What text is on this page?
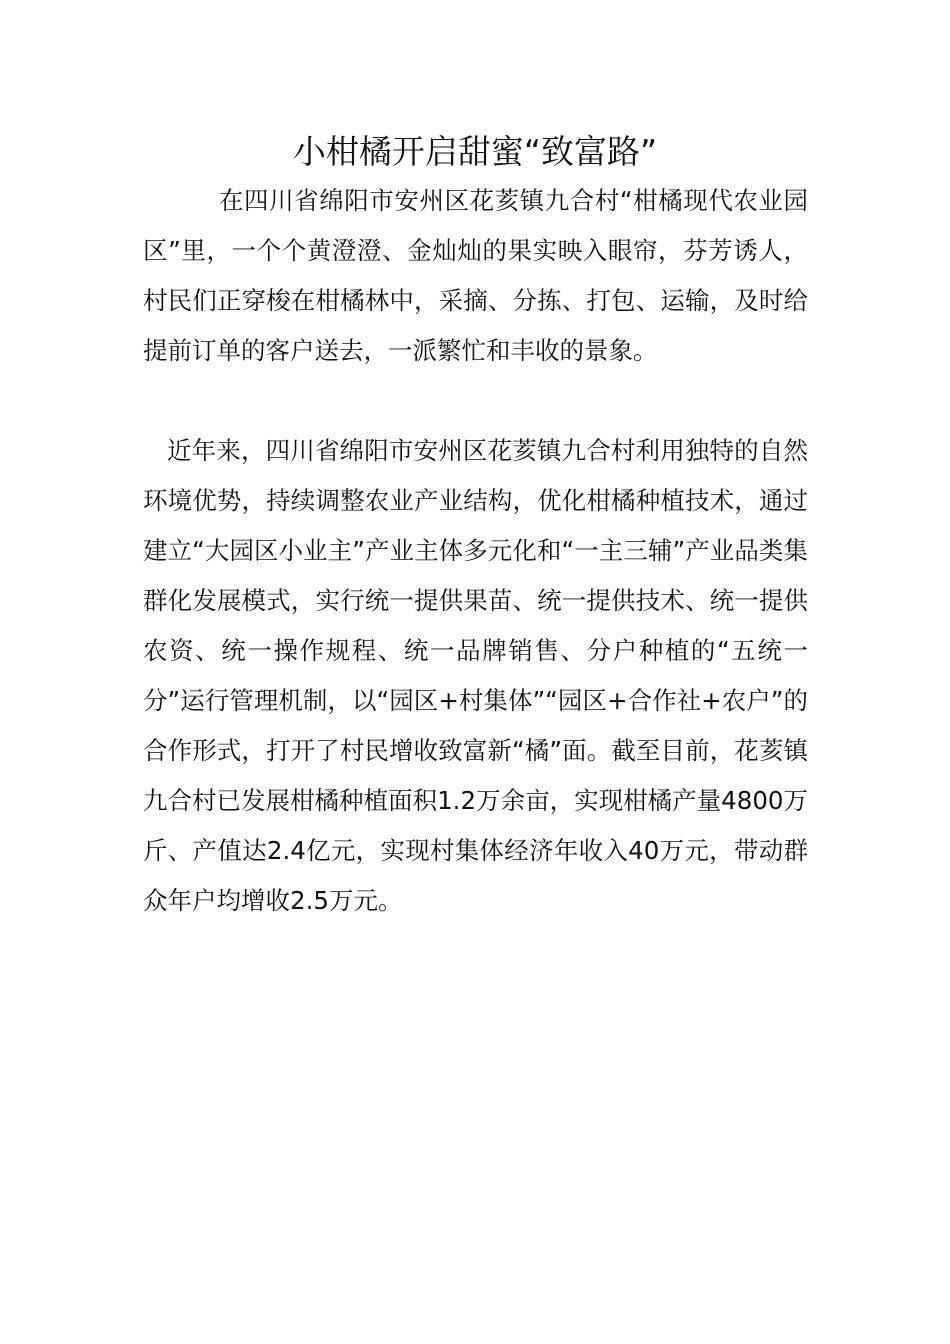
小柑橘开启甜蜜“致富路”

在四川省绵阳市安州区花荄镇九合村“柑橘现代农业园区”里，一个个黄澄澄、金灿灿的果实映入眼帘，芬芳诱人，村民们正穿梭在柑橘林中，采摘、分拣、打包、运输，及时给提前订单的客户送去，一派繁忙和丰收的景象。

近年来，四川省绵阳市安州区花荄镇九合村利用独特的自然环境优势，持续调整农业产业结构，优化柑橘种植技术，通过建立“大园区小业主”产业主体多元化和“一主三辅”产业品类集群化发展模式，实行统一提供果苗、统一提供技术、统一提供农资、统一操作规程、统一品牌销售、分户种植的“五统一分”运行管理机制，以“园区+村集体”“园区+合作社+农户”的合作形式，打开了村民增收致富新“橘”面。截至目前，花荄镇九合村已发展柑橘种植面积1.2万余亩，实现柑橘产量4800万斤、产值达2.4亿元，实现村集体经济年收入40万元，带动群众年户均增收2.5万元。
